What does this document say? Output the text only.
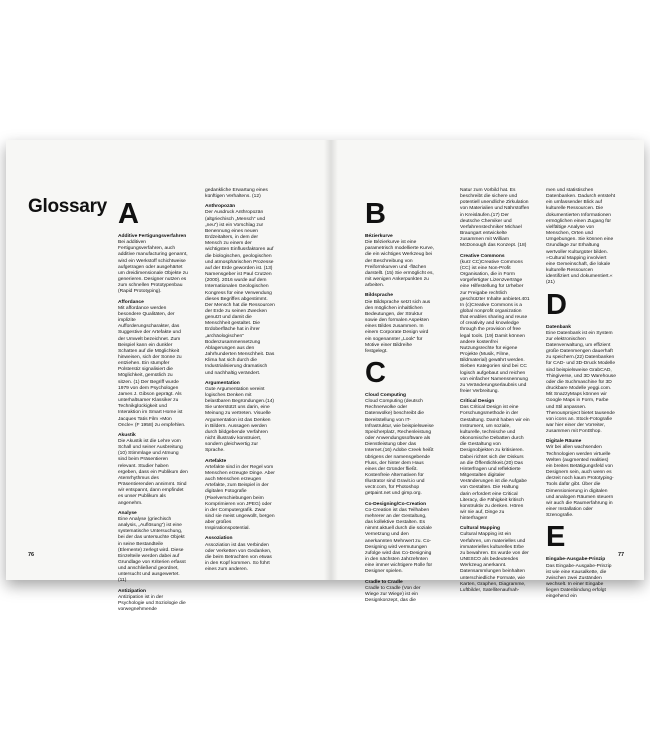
Glossary A

Additive Fertigungsverfahren
Bei additiven Fertigungsverfahren, auch additive manufacturing genannt, wird ein Werkstoff schichtweise aufgetragen oder ausgehärtet um dreidimensionale Objekte zu generieren. Designer nutzen es zum schnellen Prototypenbau (Rapid Prototyping).

Affordance
Mit affordance werden besondere Qualitäten, der implizite Aufforderungscharakter, das Suggestive der Artefakte und der Umwelt bezeichnet. Zum Beispiel kann ein dunkler Schatten auf die Möglichkeit hinweisen, sich der Sonne zu entziehen. Ein stumpfer Polsterstiz signalisiert die Möglichkeit, gemütlich zu sitzen. (1) Der Begriff wurde 1979 von dem Psychologen James J. Gibson geprägt. Als unterhaltsamer Klassiker zu Technikglückigkeit und Interaktion im Smart Home ist Jacques Tatis Film »Mon Oncle« (F 1958) zu empfehlen.

Akustik
Die Akustik ist die Lehre vom Schall und seiner Ausbreitung (10) Stimmlage und Atmung sind beim Präsentieren relevant. Studier haben ergeben, dass ein Publikum den Atemrhythmus des Präsentierenden annimmt. Sind wir entspannt, dann empfindet es unser Publikum als angenehm.

Analyse
Eine Analyse (griechisch analysis, „Auflösung“) ist eine systematische Untersuchung, bei der das untersuchte Objekt in seine Bestandteile (Elemente) zerlegt wird. Diese Einzelteile werden dabei auf Grundlage von Kriterien erfasst und anschließend geordnet, untersucht und ausgewertet.(11)

Antizipation
Antizipation ist in der Psychologie und Soziologie die vorwegnehmende

gedankliche Erwartung eines künftigen Verhaltens. (12)

Anthropozän
Der Ausdruck Anthropozän (altgriechisch „Mensch“ und „neu“) ist ein Vorschlag zur Benennung eines neuen Erdzeitalters, in dem der Mensch zu einem der wichtigsten Einflussfaktoren auf die biologischen, geologischen und atmosphärischen Prozesse auf der Erde geworden ist. (13) Namensgeber ist Paul Crutzen (2000). 2016 wurde auf dem Internationalen Geologischen Kongress für eine Verwendung dieses Begriffes abgestimmt. Der Mensch hat die Ressourcen der Erde zu seinen Zwecken genutzt und damit die Menschheit gestaltet. Die Erdoberfläche hat in ihrer „archäologischen“ Bodenzusammensetzung Ablagerungen aus den Jahrhunderten Menschheit. Das Klima hat sich durch die Industrialisierung dramatisch und nachhaltig verändert.

Argumentation
Gute Argumentation vereint logisches Denken mit belastbaren Begründungen.(14) Sie unterstützt uns darin, eine Meinung zu vertreten. Visuelle Argumentation ist das Denken in Bildern. Aussagen werden durch bildgebende Verfahren nicht illustrativ konstruiert, sondern gleichwertig zur Sprache.

Artefakte
Artefakte sind in der Regel vom Menschen erzeugte Dinge. Aber auch Menschen erzeugen Artefakte, zum Beispiel in der digitalen Fotografie (Pixelverschiebungen beim Komprimieren von JPEG) oder in der Computergrafik. Zwar sind sie meist ungewollt, bergen aber großes Inspirationspotential.

Assoziation
Assoziation ist das Verbinden oder Verketten von Gedanken, die beim Betrachten von etwas in den Kopf kommen. So führt eines zum anderen.

B

Bézierkurve
Die Bézierkurve ist eine parametrisch modellierte Kurve, die ein wichtiges Werkzeug bei der Beschreibung von Freiformkurven und -flächen darstellt. (15) Sie ermöglicht es, mit wenigen Ankerpunkten zu arbeiten.

Bildsprache
Die Bildsprache setzt sich aus den möglichen inhaltlichen Bedeutungen, der Struktur sowie den formalen Aspekten eines Bildes zusammen. In einem Corporate Design wird ein sogenannter „Look“ für Motive einer Bildreihe festgelegt.

C

Cloud Computing
Cloud Computing (deutsch Rechnerwolke oder Datenwolke) beschreibt die Bereitstellung von IT-Infrastruktur, wie beispielsweise Speicherplatz, Rechenleistung oder Anwendungssoftware als Dienstleistung über das Internet.(16) Adobe Creek heißt übrigens der namensgebende Fluss, der hinter dem Haus eines der Gründer fließt. Kostenfreie Alternativen für Illustrator sind Gravit.io und vectr.com, für Photoshop getpaint.net und gimp.org.

Co-Designing/Co-Creation
Co-Creation ist das Teilhaben mehrerer an der Gestaltung, das kollektive Gestalten. Es nimmt aktuell durch die soziale Vernetzung und den anerkannten Mehrwert zu. Co-Designing wird vermutungen zufolge wird das Co-Designing in den nächsten Jahrzehnten eine immer wichtigere Rolle für Designer spielen.

Cradle to Cradle
Cradle to Cradle (Von der Wiege zur Wiege) ist ein Designkonzept, das die

Natur zum Vorbild hat. Es beschreibt die sichere und potentiell unendliche Zirkulation von Materialien und Nährstoffen in Kreisläufen.(17) Der deutsche Chemiker und Verfahrenstechniker Michael Braungart entwickelte zusammen mit William McDonough das Konzept. (18)

Creative Commons
(kurz CC)Creative Commons (CC) ist eine Non-Profit Organisation, die in Form vorgefertigter Lizenzverträge eine Hilfestellung für Urheber zur Freigabe rechtlich geschützter Inhalte anbietet.401 In (c)Creative Commons is a global nonprofit organization that enables sharing and reuse of creativity and knowledge through the provision of free legal tools. (19) Damit können andere kostenfrei Nutzungsrechte für eigene Projekte (Musik, Filme, Bildmaterial) gewährt werden. Sieben Kategorien sind bei CC logisch aufgebaut und reichen von einfacher Namensnennung zu Veränderungserlaubnis und freier Verbreitung.

Critical Design
Das Critical Design ist eine Forschungsmethode in der Gestaltung. Damit haben wir ein Instrument, um soziale, kulturelle, technische und ökonomische Debatten durch die Gestaltung von Designobjekten zu kritisieren. Dabei richtet sich der Diskurs an die Öffentlichkeit.(20) Das Hinterfragen und reflektierte Mitgestalten digitaler Veränderungen ist die Aufgabe von Gestalten. Die Haltung darin erfordert eine Critical Literacy, die Fähigkeit kritisch konstruktiv zu denken. Hören wir nie auf, Dinge zu hinterfragen!

Cultural Mapping
Cultural Mapping ist ein Verfahren, um materielles und immaterielles kulturelles Erbe zu bewahren. Es wurde von der UNESCO als bedeutendes Werkzeug anerkannt. Datensammlungen beinhalten unterschiedliche Formate, wie Karten, Graphen, Diagramme, Luftbilder, Satellitenaufnah-

men und statistischen Datenbanken. Dadurch entsteht ein umfassender Blick auf kulturelle Ressourcen. Die dokumentierten Informationen ermöglichen einen Zugang für vielfältige Analyse von Menschen, Orten und Umgebungen. Sie können eine Grundlage zur Erhaltung wertvoller Kulturgüter bilden. »Cultural Mapping involviert eine Gemeinschaft, die lokale kulturelle Ressourcen identifiziert und dokumentiert.« (21)

D

Datenbank
Eine Datenbank ist ein System zur elektronischen Datenverwaltung, um effizient große Datenmengen dauerhaft zu speichern.(22) Datenbanken für CAD- und 3D-Druck Modelle sind beispielsweise GrabCAD, Thingiverse, und 3D Warehouse oder die Suchmaschine für 3D druckbare Modelle yeggi.com. Mit SnazzyMaps können wir Google Maps in Form, Farbe und Stil anpassen. Thenounproject bietet tausende von icons an. Stock-Fotografie war hier einer der Vorreiter, zusammen mit FontShop.

Digitale Räume
Wir bei allen wachsenden Technologien werden virtuelle Welten (augmented realities) ein breites Betätigungsfeld von Designern sein, auch wenn es derzeit noch kaum Prototyping-Tools dafür gibt. Über die Dimensionierung in digitalen und analogen Räumen steuern wir auch die Raumerfahrung in einer Installation oder Szenografie.

E

Eingabe-Ausgabe-Prinzip
Das Eingabe-Ausgabe-Prinzip ist wie eine Kausalkette, die zwischen zwei Zuständen wechselt. In einer Eingabe liegen Datenbindung erfolgt eingehend ein

76	77
